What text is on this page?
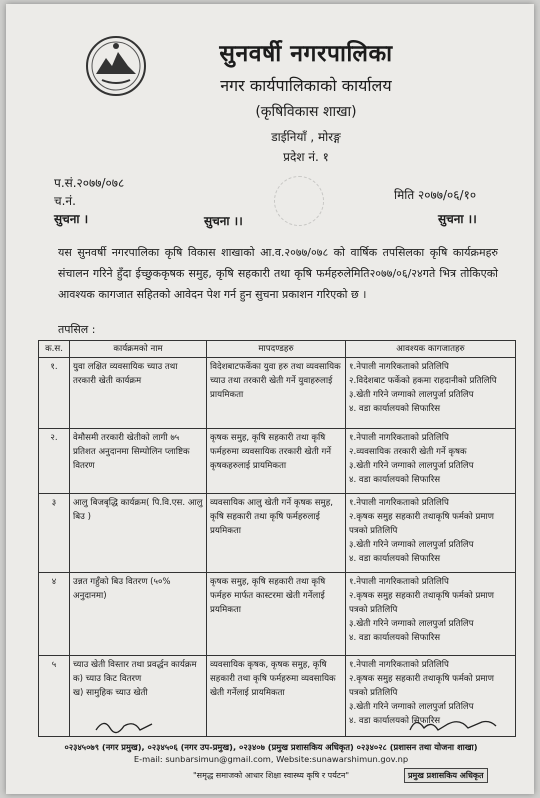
सुनवर्षी नगरपालिका
नगर कार्यपालिकाको कार्यालय
(कृषिविकास शाखा)
डाईनियाँ , मोरङ्ग
प्रदेश नं. १
प.सं.२०७७/०७८
च.नं.	मिति २०७७/०६/१०
सुचना ।	सुचना ।।	सुचना ।।
यस सुनवर्षी नगरपालिका कृषि विकास शाखाको आ.व.२०७७/०७८ को वार्षिक तपसिलका कृषि कार्यक्रमहरु संचालन गरिने हुँदा ईच्छुककृषक समुह, कृषि सहकारी तथा कृषि फर्महरुलेमिति२०७७/०६/२४गते भित्र तोकिएको आवश्यक कागजात सहितको आवेदन पेश गर्न हुन सुचना प्रकाशन गरिएको छ ।
तपसिल :
क.स.	कार्यक्रमको नाम	मापदण्डहरु	आवश्यक कागजातहरु
१.	युवा लक्षित व्यवसायिक च्याउ तथा तरकारी खेती कार्यक्रम	विदेशबाटफर्केका युवा हरु तथा व्यवसायिक च्याउ तथा तरकारी खेती गर्ने युवाहरुलाई प्रायमिकता	१.नेपाली नागरिकताको प्रतिलिपि
२.विदेशबाट फर्केको हकमा राहदानीको प्रतिलिपि
३.खेती गरिने जग्गाको लालपुर्जा प्रतिलिप
४. वडा कार्यालयको सिफारिस

२.	वेमौसमी तरकारी खेतीको लागी ७५ प्रतिशत अनुदानमा सिम्पोलिन प्लाष्टिक वितरण	कृषक समुह, कृषि सहकारी तथा कृषि फर्महरुमा व्यवसायिक तरकारी खेती गर्ने कृषकहरुलाई प्रायमिकता	१.नेपाली नागरिकताको प्रतिलिपि
२.व्यवसायिक तरकारी खेती गर्ने कृषक
३.खेती गरिने जग्गाको लालपुर्जा प्रतिलिप
४. वडा कार्यालयको सिफारिस

३	आलु बिजबृद्धि कार्यक्रम( पि.वि.एस. आलु बिउ )	व्यवसायिक आलु खेती गर्ने कृषक समुह, कृषि सहकारी तथा कृषि फर्महरुलाई प्रयमिकता	१.नेपाली नागरिकताको प्रतिलिपि
२.कृषक समुह सहकारी तथाकृषि फर्मको प्रमाण पत्रको प्रतिलिपि
३.खेती गरिने जग्गाको लालपुर्जा प्रतिलिप
४. वडा कार्यालयको सिफारिस

४	उन्नत गहुँको बिउ वितरण (५०% अनुदानमा)	कृषक समुह, कृषि सहकारी तथा कृषि फर्महरु मार्फत कास्टरमा खेती गर्नेलाई प्रयमिकता	१.नेपाली नागरिकताको प्रतिलिपि
२.कृषक समुह सहकारी तथाकृषि फर्मको प्रमाण पत्रको प्रतिलिपि
३.खेती गरिने जग्गाको लालपुर्जा प्रतिलिप
४. वडा कार्यालयको सिफारिस

५	च्याउ खेती विस्तार तथा प्रवर्द्धन कार्यक्रम
क) च्याउ किट वितरण
ख) सामुहिक च्याउ खेती	व्यवसायिक कृषक, कृषक समुह, कृषि सहकारी तथा कृषि फर्महरुमा व्यवसायिक खेती गर्नेलाई प्रायमिकता	१.नेपाली नागरिकताको प्रतिलिपि
२.कृषक समुह सहकारी तथाकृषि फर्मको प्रमाण पत्रको प्रतिलिपि
३.खेती गरिने जग्गाको लालपुर्जा प्रतिलिप
४. वडा कार्यालयको सिफारिस
०२३४५०७९ (नगर प्रमुख), ०२३४५०६ (नगर उप-प्रमुख), ०२३४०७ (प्रमुख प्रशासकिय अधिकृत) ०२३४०२८ (प्रशासन तथा योजना शाखा)
E-mail: sunbarsimun@gmail.com, Website:sunawarshimun.gov.np
"समृद्ध समाजको आधार शिक्षा स्वास्थ्य कृषि र पर्यटन"	प्रमुख प्रशासकिय अधिकृत
